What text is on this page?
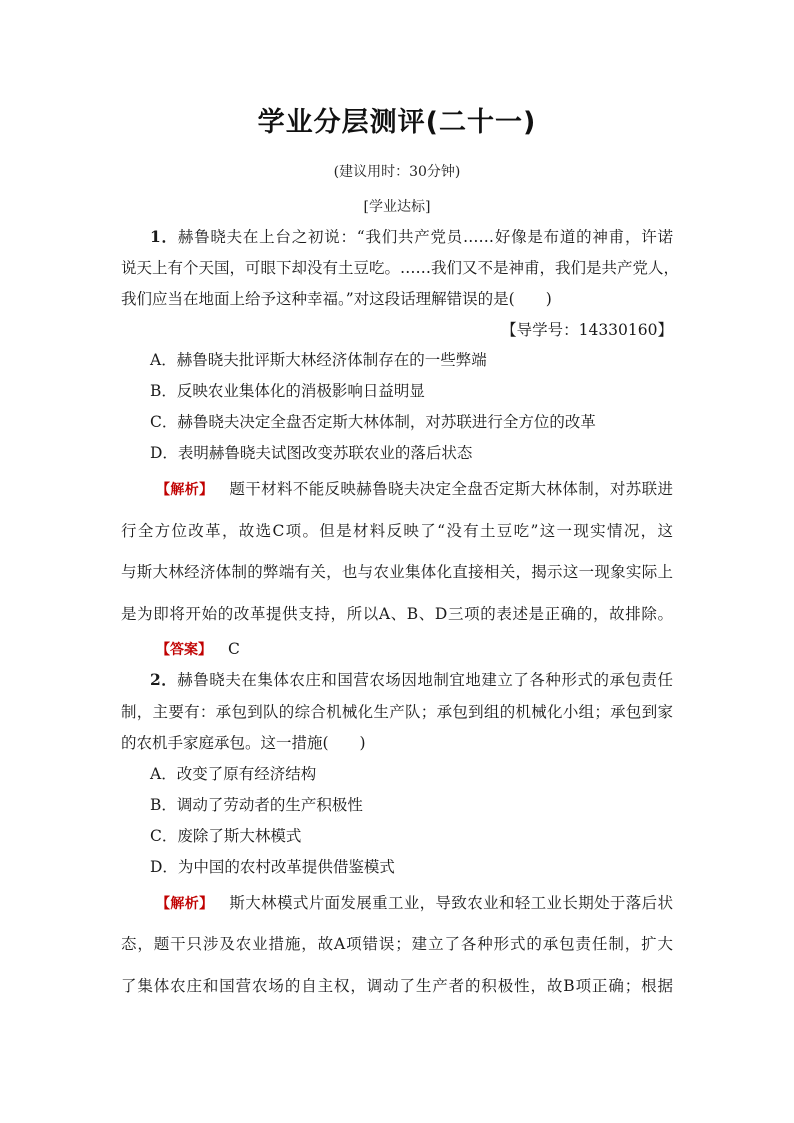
学业分层测评(二十一)
(建议用时：30分钟)
[学业达标]
1．赫鲁晓夫在上台之初说：“我们共产党员……好像是布道的神甫，许诺
说天上有个天国，可眼下却没有土豆吃。……我们又不是神甫，我们是共产党人，
我们应当在地面上给予这种幸福。”对这段话理解错误的是(　　)
【导学号：14330160】
A．赫鲁晓夫批评斯大林经济体制存在的一些弊端
B．反映农业集体化的消极影响日益明显
C．赫鲁晓夫决定全盘否定斯大林体制，对苏联进行全方位的改革
D．表明赫鲁晓夫试图改变苏联农业的落后状态
【解析】 题干材料不能反映赫鲁晓夫决定全盘否定斯大林体制，对苏联进
行全方位改革，故选C项。但是材料反映了“没有土豆吃”这一现实情况，这
与斯大林经济体制的弊端有关，也与农业集体化直接相关，揭示这一现象实际上
是为即将开始的改革提供支持，所以A、B、D三项的表述是正确的，故排除。
【答案】 C
2．赫鲁晓夫在集体农庄和国营农场因地制宜地建立了各种形式的承包责任
制，主要有：承包到队的综合机械化生产队；承包到组的机械化小组；承包到家
的农机手家庭承包。这一措施(　　)
A．改变了原有经济结构
B．调动了劳动者的生产积极性
C．废除了斯大林模式
D．为中国的农村改革提供借鉴模式
【解析】 斯大林模式片面发展重工业，导致农业和轻工业长期处于落后状
态，题干只涉及农业措施，故A项错误；建立了各种形式的承包责任制，扩大
了集体农庄和国营农场的自主权，调动了生产者的积极性，故B项正确；根据
